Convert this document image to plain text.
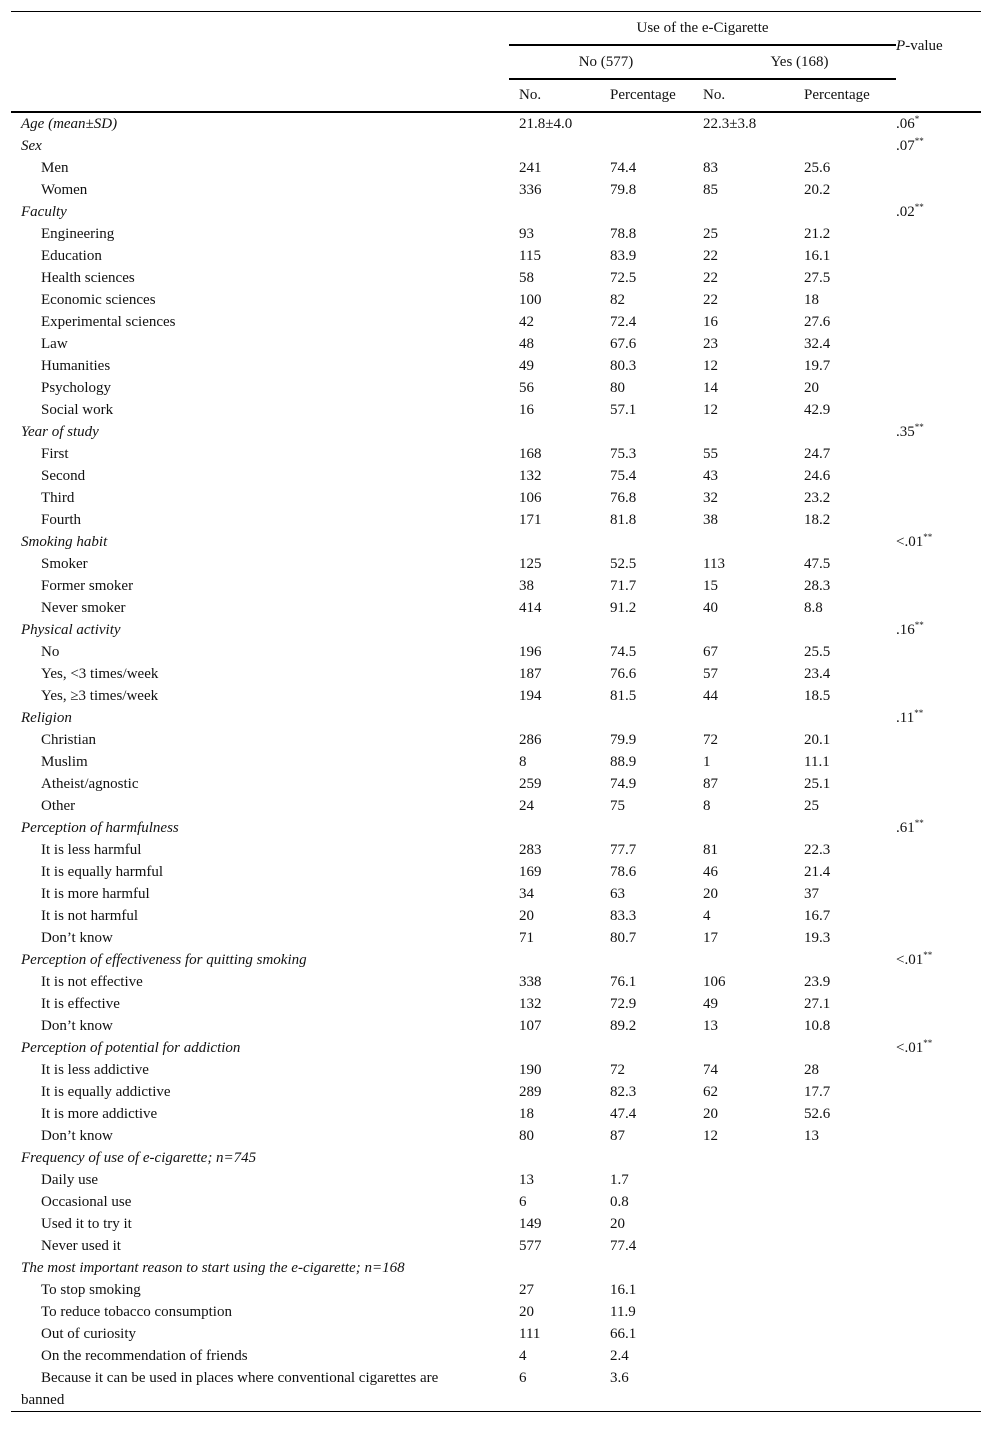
	Use of the e-Cigarette				P-value
	No (577)		Yes (168)		
	No.	Percentage	No.	Percentage	
Age (mean±SD)	21.8±4.0		22.3±3.8		.06*
Sex					.07**
Men	241	74.4	83	25.6	
Women	336	79.8	85	20.2	
Faculty					.02**
Engineering	93	78.8	25	21.2	
Education	115	83.9	22	16.1	
Health sciences	58	72.5	22	27.5	
Economic sciences	100	82	22	18	
Experimental sciences	42	72.4	16	27.6	
Law	48	67.6	23	32.4	
Humanities	49	80.3	12	19.7	
Psychology	56	80	14	20	
Social work	16	57.1	12	42.9	
Year of study					.35**
First	168	75.3	55	24.7	
Second	132	75.4	43	24.6	
Third	106	76.8	32	23.2	
Fourth	171	81.8	38	18.2	
Smoking habit					<.01**
Smoker	125	52.5	113	47.5	
Former smoker	38	71.7	15	28.3	
Never smoker	414	91.2	40	8.8	
Physical activity					.16**
No	196	74.5	67	25.5	
Yes, <3 times/week	187	76.6	57	23.4	
Yes, ≥3 times/week	194	81.5	44	18.5	
Religion					.11**
Christian	286	79.9	72	20.1	
Muslim	8	88.9	1	11.1	
Atheist/agnostic	259	74.9	87	25.1	
Other	24	75	8	25	
Perception of harmfulness					.61**
It is less harmful	283	77.7	81	22.3	
It is equally harmful	169	78.6	46	21.4	
It is more harmful	34	63	20	37	
It is not harmful	20	83.3	4	16.7	
Don’t know	71	80.7	17	19.3	
Perception of effectiveness for quitting smoking					<.01**
It is not effective	338	76.1	106	23.9	
It is effective	132	72.9	49	27.1	
Don’t know	107	89.2	13	10.8	
Perception of potential for addiction					<.01**
It is less addictive	190	72	74	28	
It is equally addictive	289	82.3	62	17.7	
It is more addictive	18	47.4	20	52.6	
Don’t know	80	87	12	13	
Frequency of use of e-cigarette; n=745					
Daily use	13	1.7			
Occasional use	6	0.8			
Used it to try it	149	20			
Never used it	577	77.4			
The most important reason to start using the e-cigarette; n=168					
To stop smoking	27	16.1			
To reduce tobacco consumption	20	11.9			
Out of curiosity	111	66.1			
On the recommendation of friends	4	2.4			
Because it can be used in places where conventional cigarettes are banned	6	3.6			
